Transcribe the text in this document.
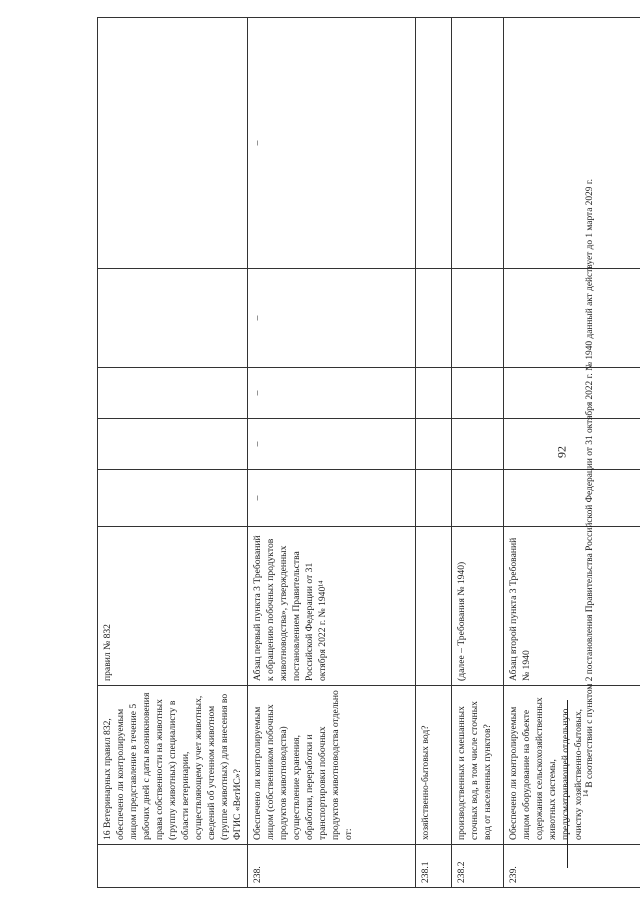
92
	16 Ветеринарных правил 832, обеспечено ли контролируемым лицом представление в течение 5 рабочих дней с даты возникновения права собственности на животных (группу животных) специалисту в области ветеринарии, осуществляющему учет животных, сведений об учтенном животном (группе животных) для внесения во ФГИС «ВетИС»?	правил № 832					
238.	Обеспечено ли контролируемым лицом (собственником побочных продуктов животноводства) осуществление хранения, обработки, переработки и транспортировки побочных продуктов животноводства отдельно от:	Абзац первый пункта 3 Требований к обращению побочных продуктов животноводства», утвержденных постановлением Правительства Российской Федерации от 31 октября 2022 г. № 1940¹⁴	–	–	–	–	–
238.1	хозяйственно-бытовых вод?						
238.2	производственных и смешанных сточных вод, в том числе сточных вод от населенных пунктов?	(далее – Требования № 1940)					
239.	Обеспечено ли контролируемым лицом оборудование на объекте содержания сельскохозяйственных животных системы, предусматривающей отдельную очистку хозяйственно-бытовых,	Абзац второй пункта 3 Требований № 1940					
$^{14}$ В соответствии с пунктом 2 постановления Правительства Российской Федерации от 31 октября 2022 г. № 1940 данный акт действует до 1 марта 2029 г.
